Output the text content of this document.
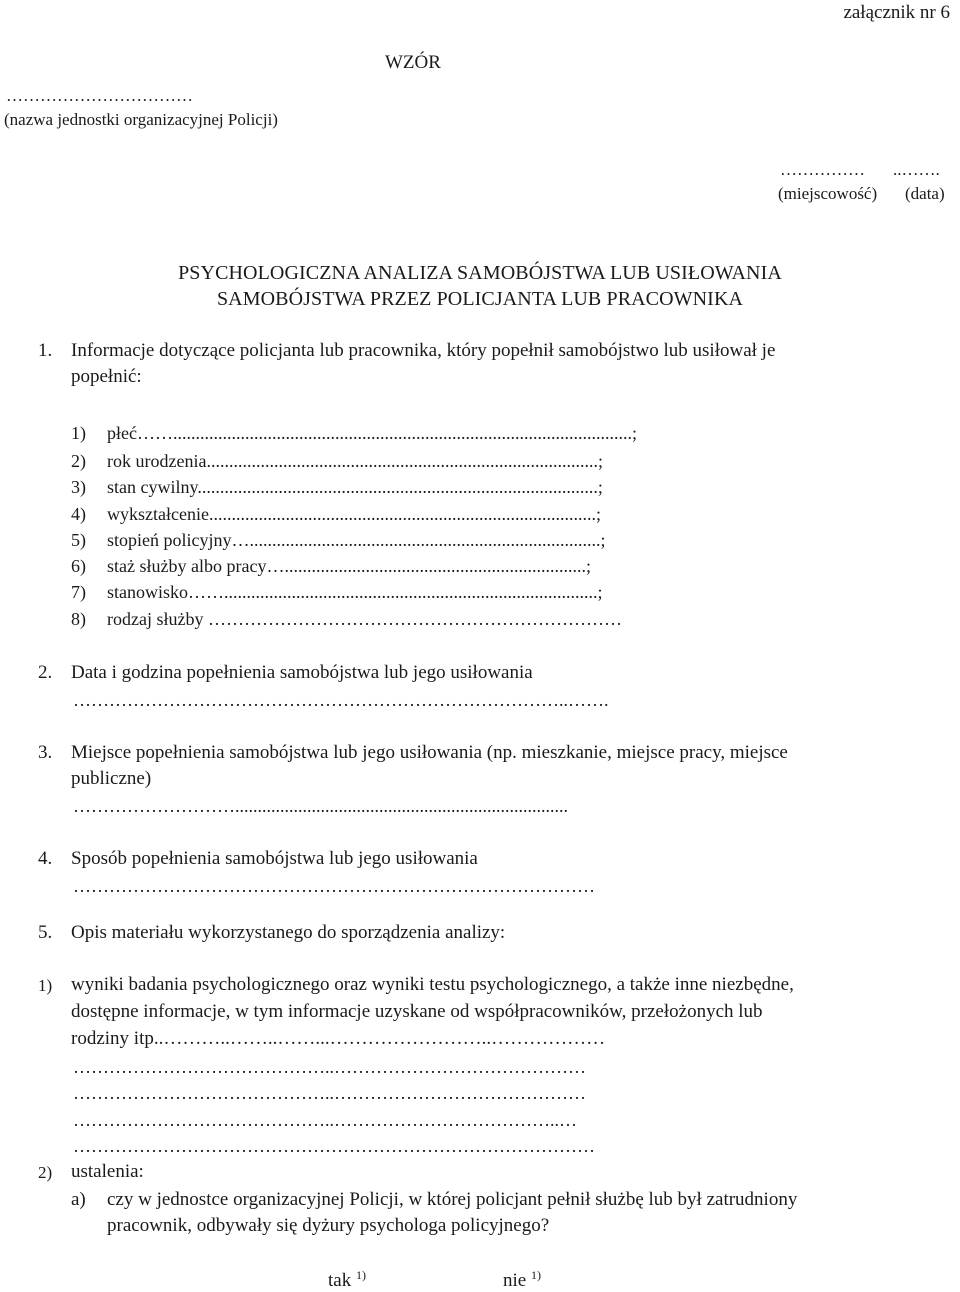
załącznik nr 6
WZÓR
……………………………
(nazwa jednostki organizacyjnej Policji)
…………… ..…….
(miejscowość) (data)
PSYCHOLOGICZNA ANALIZA SAMOBÓJSTWA LUB USIŁOWANIA
SAMOBÓJSTWA PRZEZ POLICJANTA LUB PRACOWNIKA
1. Informacje dotyczące policjanta lub pracownika, który popełnił samobójstwo lub usiłował je
popełnić:
1) płeć……......................................................................................................;
2) rok urodzenia.......................................................................................;
3) stan cywilny.........................................................................................;
4) wykształcenie......................................................................................;
5) stopień policyjny…..............................................................................;
6) staż służby albo pracy…...................................................................;
7) stanowisko……...................................................................................;
8) rodzaj służby ……………………………………………………………
2. Data i godzina popełnienia samobójstwa lub jego usiłowania
………………………………………………………………………..…….
3. Miejsce popełnienia samobójstwa lub jego usiłowania (np. mieszkanie, miejsce pracy, miejsce
publiczne)
………………………..........................................................................
4. Sposób popełnienia samobójstwa lub jego usiłowania
……………………………………………………………………………
5. Opis materiału wykorzystanego do sporządzenia analizy:
1) wyniki badania psychologicznego oraz wyniki testu psychologicznego, a także inne niezbędne,
dostępne informacje, w tym informacje uzyskane od współpracowników, przełożonych lub
rodziny itp..………..……..……...……………………..………………
……………………………………..……………………………………
……………………………………..……………………………………
……………………………………..………………………………..…
……………………………………………………………………………
2) ustalenia:
a) czy w jednostce organizacyjnej Policji, w której policjant pełnił służbę lub był zatrudniony
pracownik, odbywały się dyżury psychologa policyjnego?
tak $^{1)}$	nie $^{1)}$
